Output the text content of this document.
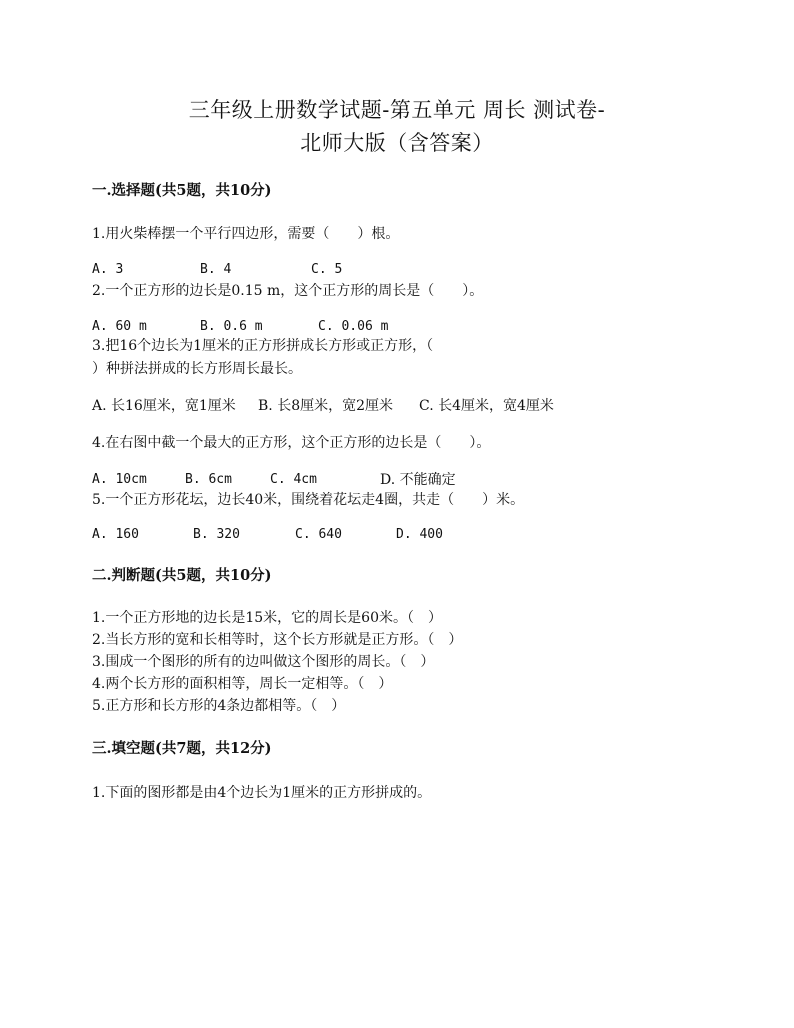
三年级上册数学试题-第五单元 周长 测试卷-
北师大版（含答案）
一.选择题(共5题，共10分)
1.用火柴棒摆一个平行四边形，需要（　　）根。
A. 3	B. 4	C. 5
2.一个正方形的边长是0.15 m，这个正方形的周长是（　　）。
A. 60 m	B. 0.6 m	C. 0.06 m
3.把16个边长为1厘米的正方形拼成长方形或正方形，（
）种拼法拼成的长方形周长最长。
A. 长16厘米，宽1厘米 B. 长8厘米，宽2厘米 C. 长4厘米，宽4厘米
4.在右图中截一个最大的正方形，这个正方形的边长是（　　）。
A. 10cm	B. 6cm	C. 4cm	D. 不能确定
5.一个正方形花坛，边长40米，围绕着花坛走4圈，共走（　　）米。
A. 160	B. 320	C. 640	D. 400
二.判断题(共5题，共10分)
1.一个正方形地的边长是15米，它的周长是60米。（　）
2.当长方形的宽和长相等时，这个长方形就是正方形。（　）
3.围成一个图形的所有的边叫做这个图形的周长。（　）
4.两个长方形的面积相等，周长一定相等。（　）
5.正方形和长方形的4条边都相等。（　）
三.填空题(共7题，共12分)
1.下面的图形都是由4个边长为1厘米的正方形拼成的。
